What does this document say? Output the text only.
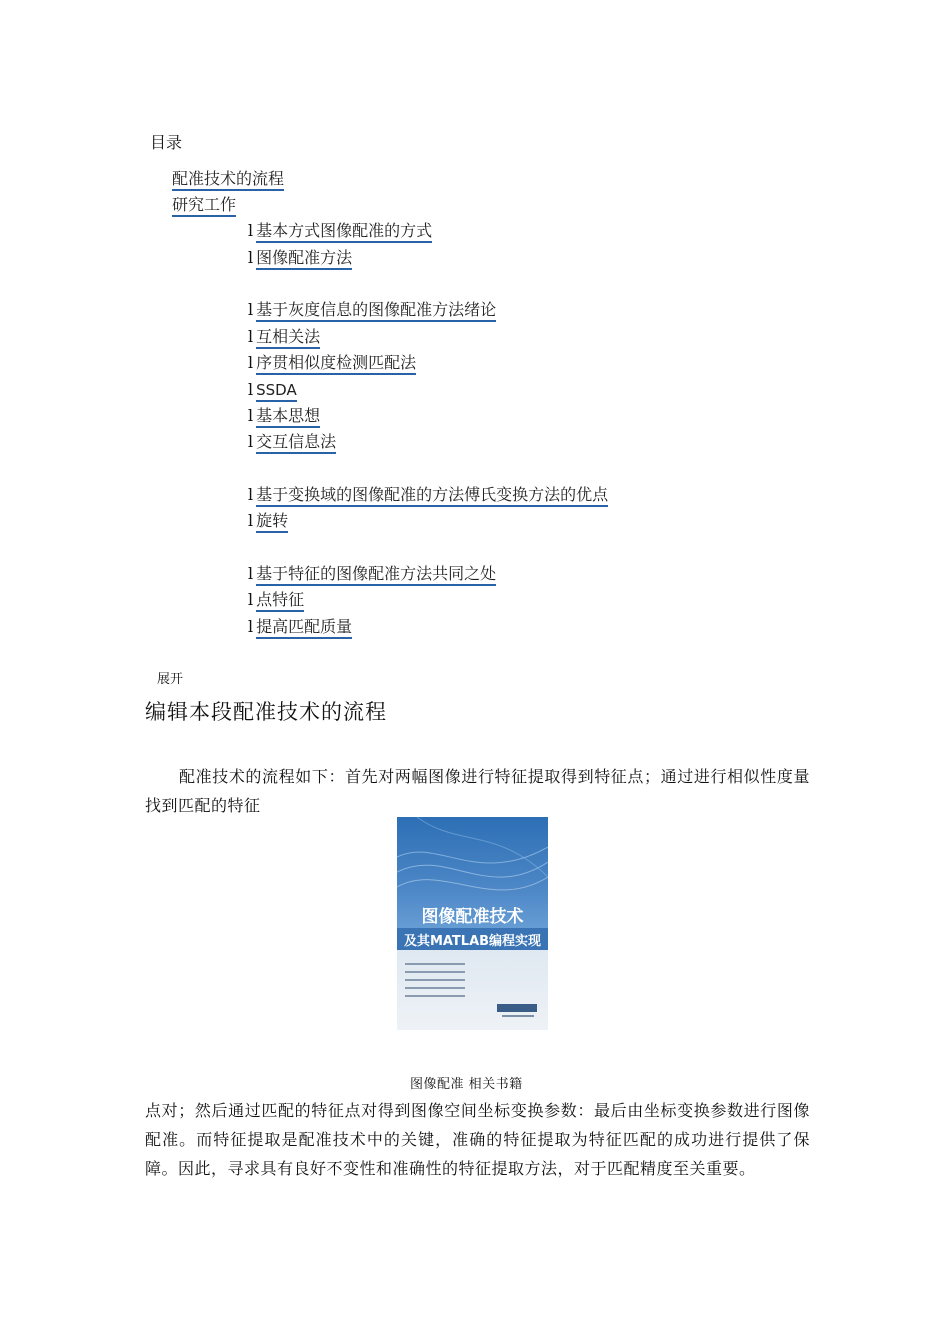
目录
配准技术的流程
研究工作
l 基本方式图像配准的方式
l 图像配准方法
l 基于灰度信息的图像配准方法绪论
l 互相关法
l 序贯相似度检测匹配法
l SSDA
l 基本思想
l 交互信息法
l 基于变换域的图像配准的方法傅氏变换方法的优点
l 旋转
l 基于特征的图像配准方法共同之处
l 点特征
l 提高匹配质量
展开
编辑本段配准技术的流程
配准技术的流程如下：首先对两幅图像进行特征提取得到特征点；通过进行相似性度量找到匹配的特征
图像配准技术
及其MATLAB编程实现
图像配准 相关书籍
点对；然后通过匹配的特征点对得到图像空间坐标变换参数：最后由坐标变换参数进行图像配准。而特征提取是配准技术中的关键，准确的特征提取为特征匹配的成功进行提供了保障。因此，寻求具有良好不变性和准确性的特征提取方法，对于匹配精度至关重要。
